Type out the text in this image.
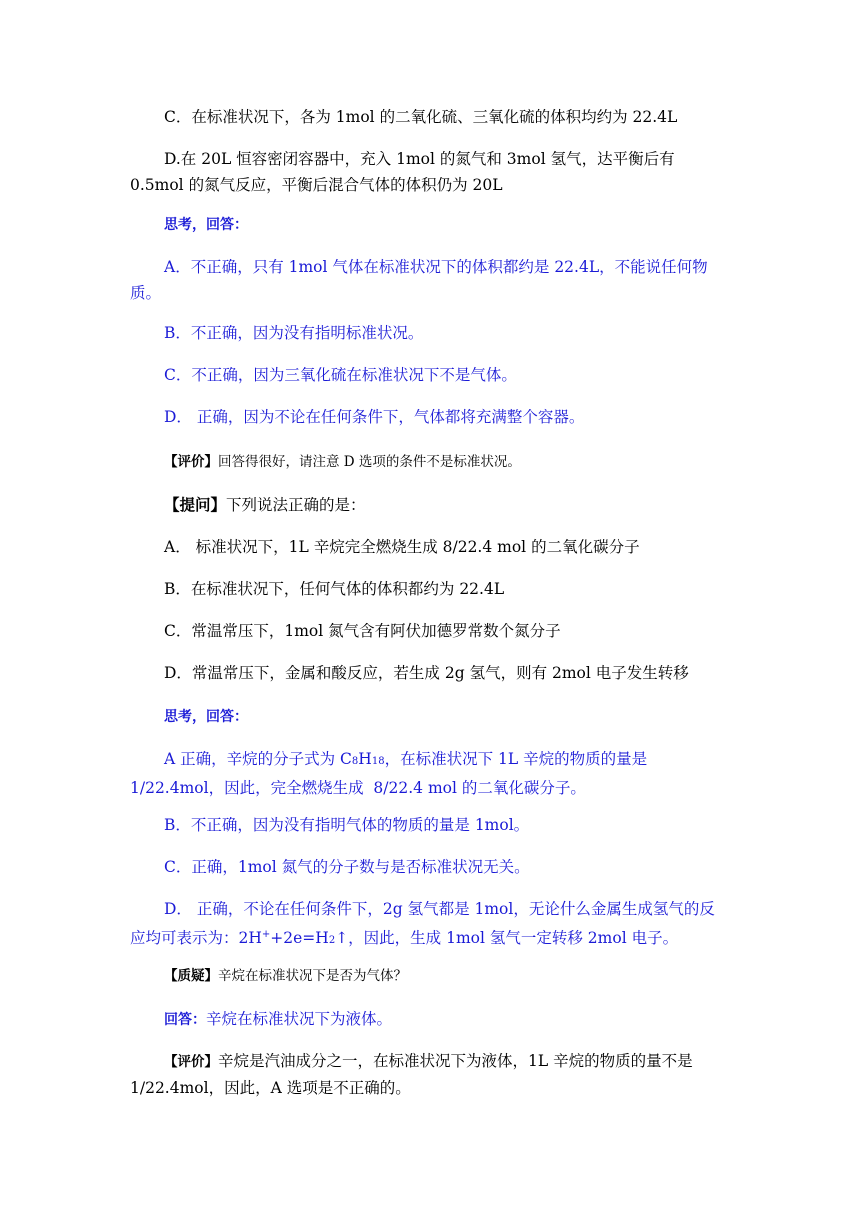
C．在标准状况下，各为 1mol 的二氧化硫、三氧化硫的体积均约为 22.4L
D.在 20L 恒容密闭容器中，充入 1mol 的氮气和 3mol 氢气，达平衡后有 0.5mol 的氮气反应，平衡后混合气体的体积仍为 20L
思考，回答：
A．不正确，只有 1mol 气体在标准状况下的体积都约是 22.4L，不能说任何物质。
B．不正确，因为没有指明标准状况。
C．不正确，因为三氧化硫在标准状况下不是气体。
D． 正确，因为不论在任何条件下，气体都将充满整个容器。
【评价】回答得很好，请注意 D 选项的条件不是标准状况。
【提问】下列说法正确的是：
A． 标准状况下，1L 辛烷完全燃烧生成 8/22.4 mol 的二氧化碳分子
B．在标准状况下，任何气体的体积都约为 22.4L
C．常温常压下，1mol 氮气含有阿伏加德罗常数个氮分子
D．常温常压下，金属和酸反应，若生成 2g 氢气，则有 2mol 电子发生转移
思考，回答：
A 正确，辛烷的分子式为 C8H18，在标准状况下 1L 辛烷的物质的量是 1/22.4mol，因此，完全燃烧生成  8/22.4 mol 的二氧化碳分子。
B．不正确，因为没有指明气体的物质的量是 1mol。
C．正确，1mol 氮气的分子数与是否标准状况无关。
D． 正确，不论在任何条件下，2g 氢气都是 1mol，无论什么金属生成氢气的反应均可表示为：2H++2e=H2↑，因此，生成 1mol 氢气一定转移 2mol 电子。
【质疑】辛烷在标准状况下是否为气体？
回答：辛烷在标准状况下为液体。
【评价】辛烷是汽油成分之一，在标准状况下为液体，1L 辛烷的物质的量不是 1/22.4mol，因此，A 选项是不正确的。
